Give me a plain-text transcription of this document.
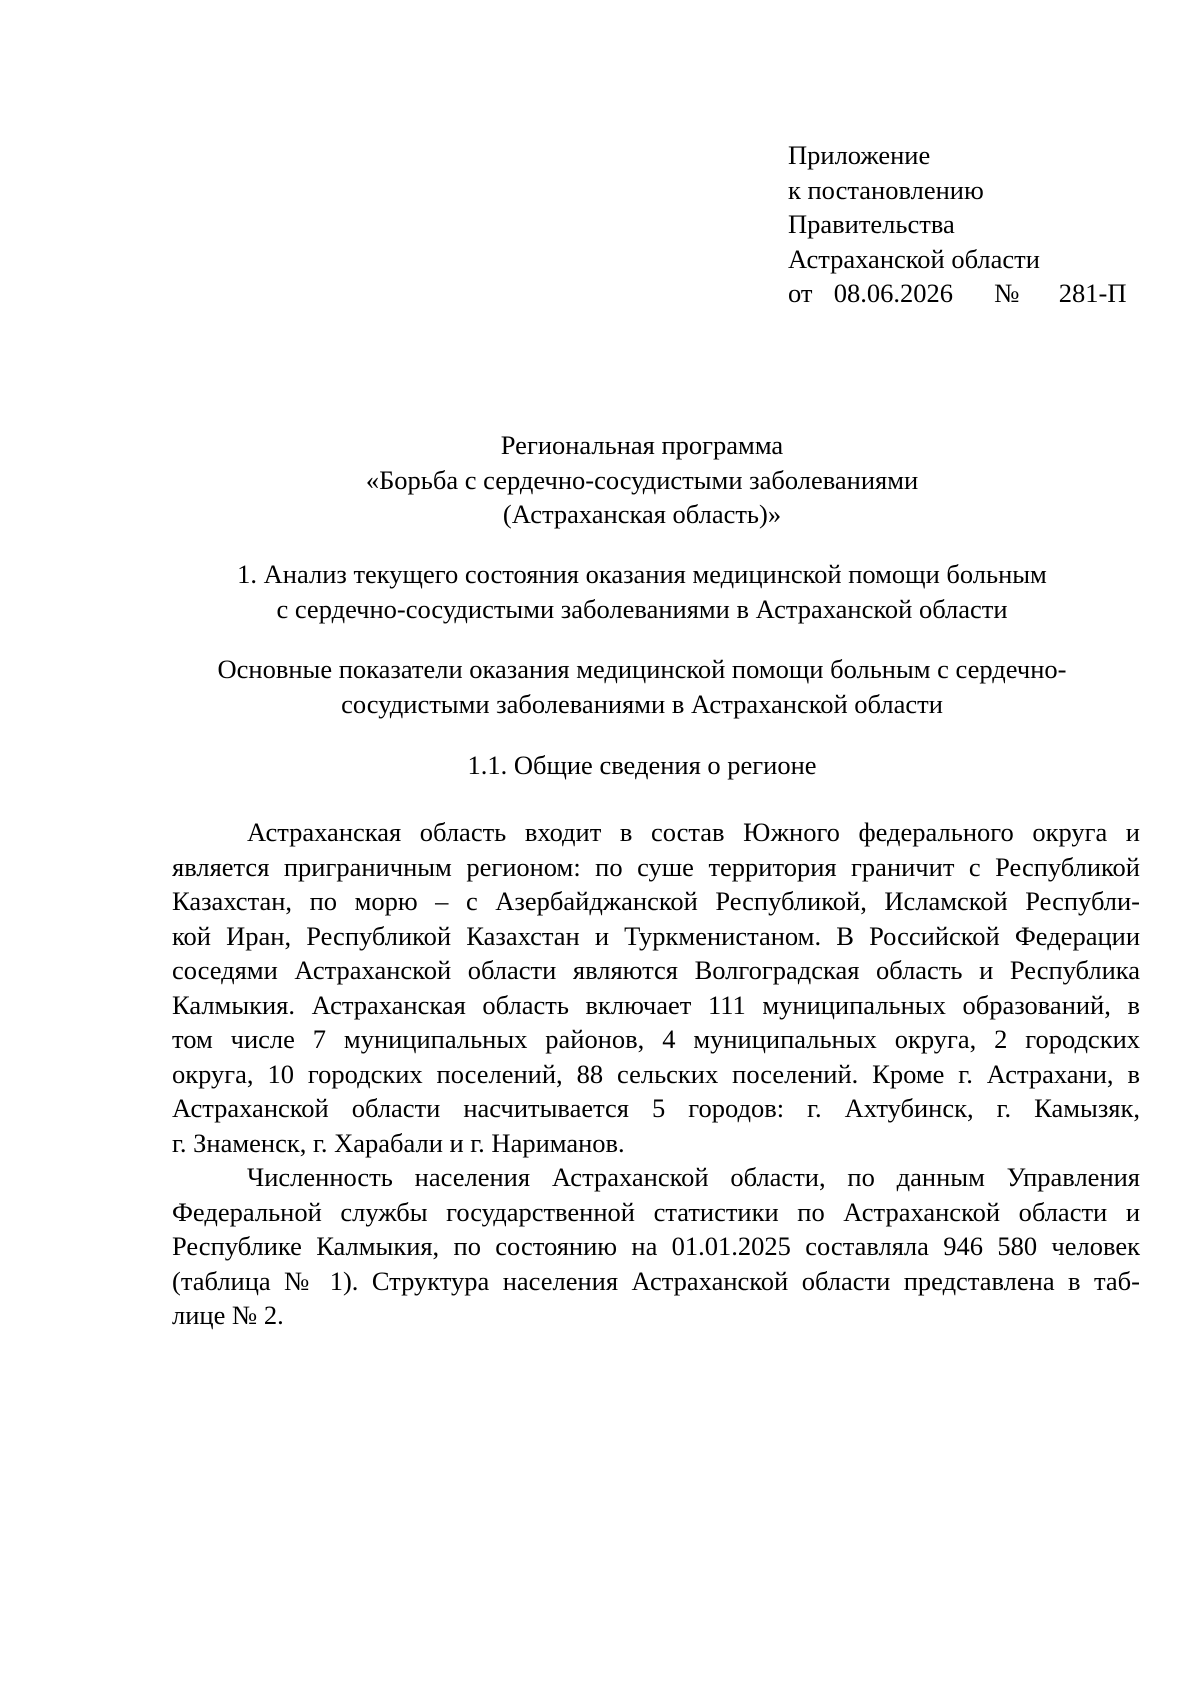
Приложение
к постановлению
Правительства
Астраханской области
от 08.06.2026 № 281-П
Региональная программа
«Борьба с сердечно-сосудистыми заболеваниями
(Астраханская область)»
1. Анализ текущего состояния оказания медицинской помощи больным
с сердечно-сосудистыми заболеваниями в Астраханской области
Основные показатели оказания медицинской помощи больным с сердечно-
сосудистыми заболеваниями в Астраханской области
1.1. Общие сведения о регионе
Астраханская область входит в состав Южного федерального округа и
является приграничным регионом: по суше территория граничит с Республикой
Казахстан, по морю – с Азербайджанской Республикой, Исламской Республи-
кой Иран, Республикой Казахстан и Туркменистаном. В Российской Федерации
соседями Астраханской области являются Волгоградская область и Республика
Калмыкия. Астраханская область включает 111 муниципальных образований, в
том числе 7 муниципальных районов, 4 муниципальных округа, 2 городских
округа, 10 городских поселений, 88 сельских поселений. Кроме г. Астрахани, в
Астраханской области насчитывается 5 городов: г. Ахтубинск, г. Камызяк,
г. Знаменск, г. Харабали и г. Нариманов.
Численность населения Астраханской области, по данным Управления
Федеральной службы государственной статистики по Астраханской области и
Республике Калмыкия, по состоянию на 01.01.2025 составляла 946 580 человек
(таблица № 1). Структура населения Астраханской области представлена в таб-
лице № 2.
